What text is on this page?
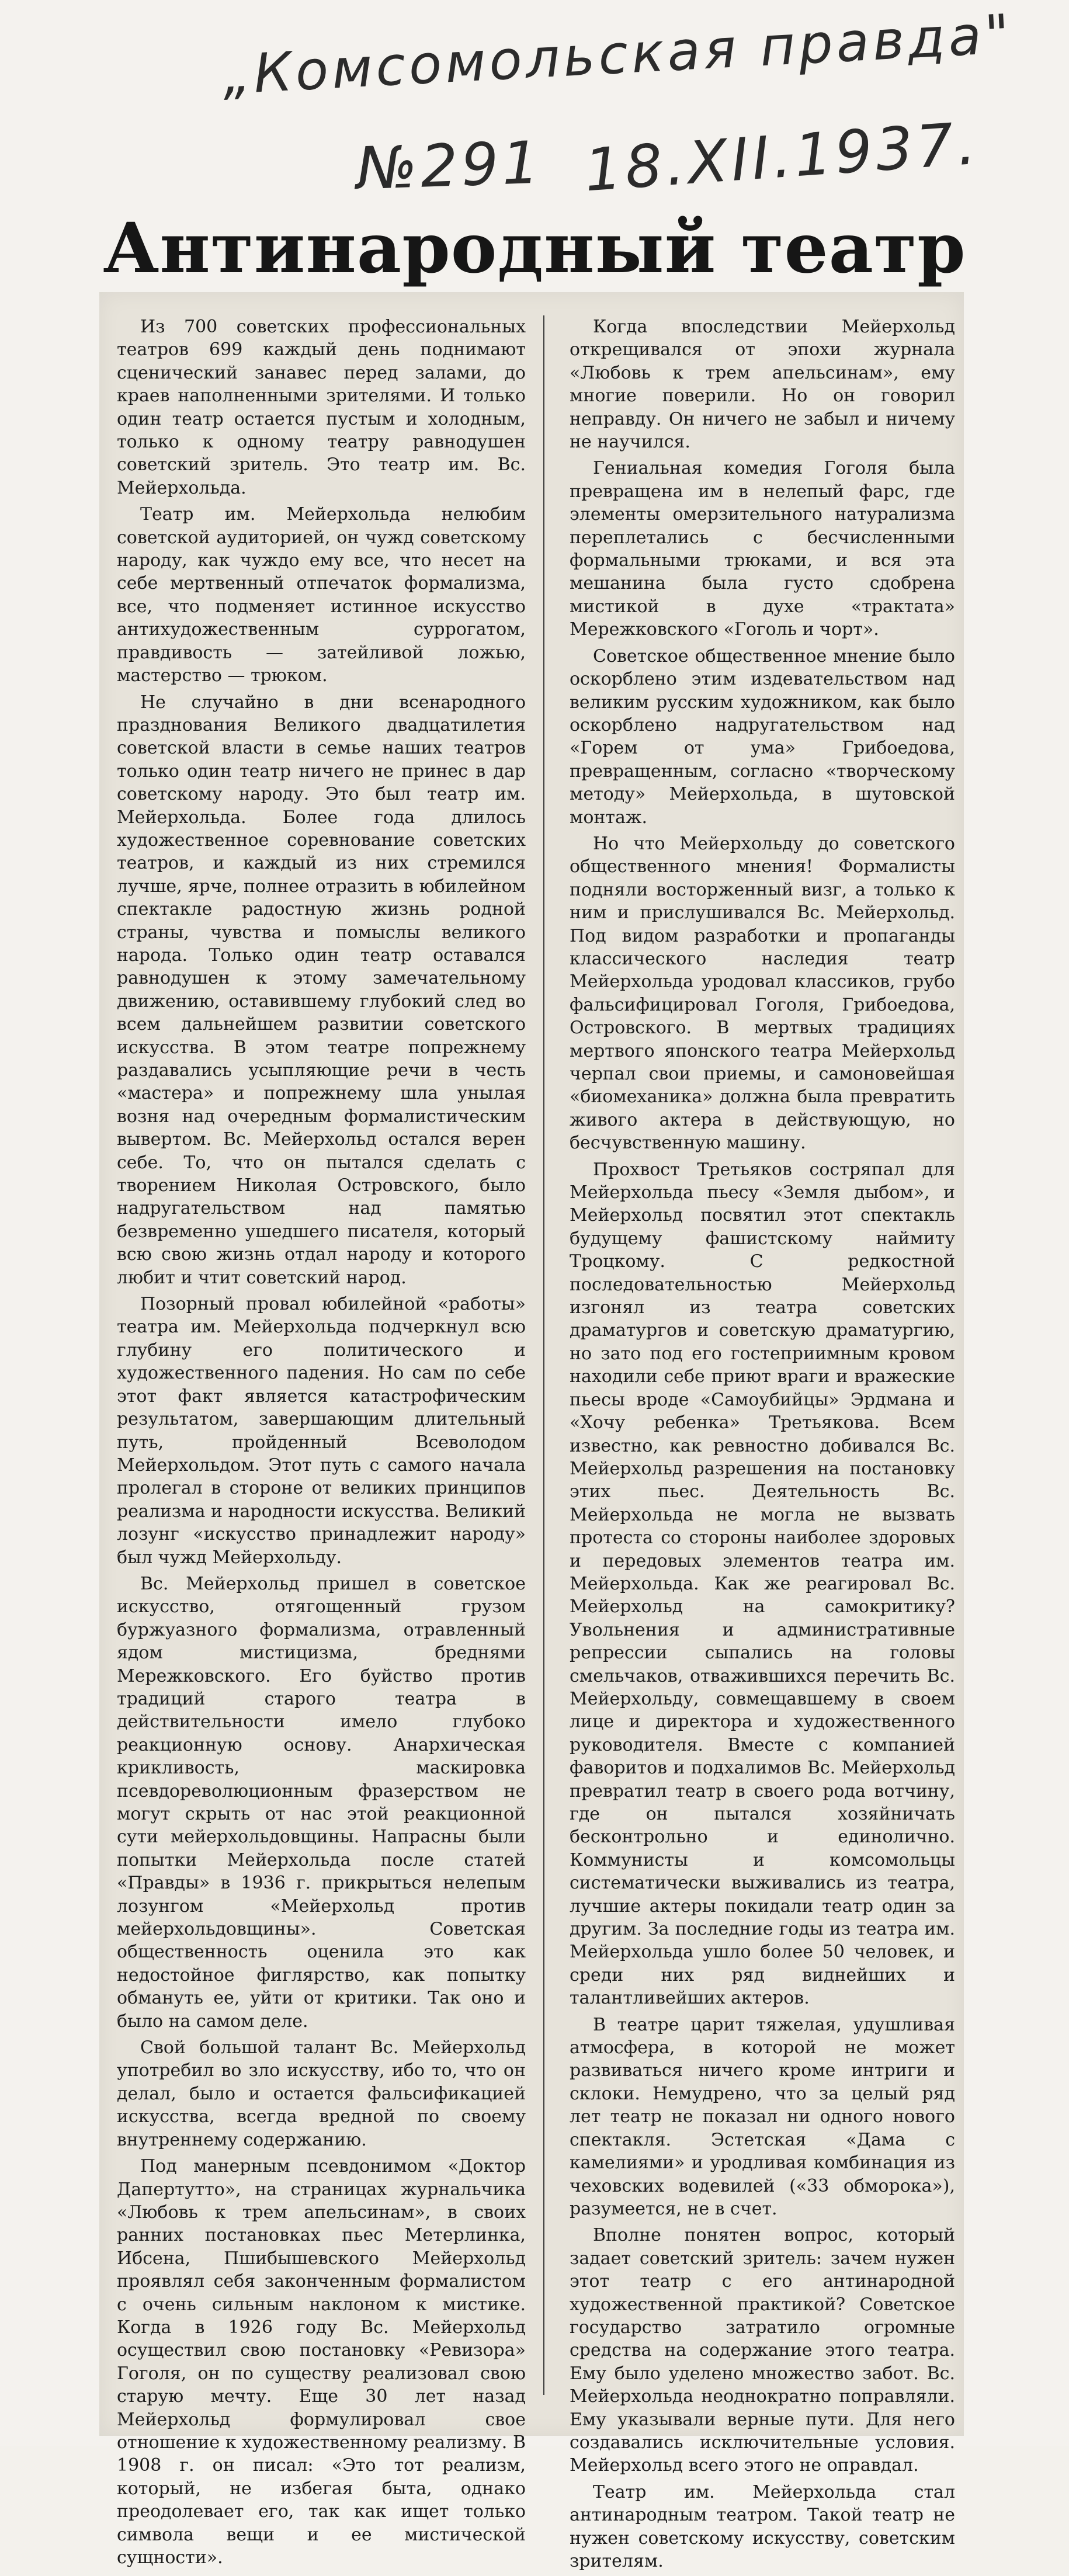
„Комсомольская правда"
№291 18.XII.1937.
Антинародный театр

Из 700 советских профессиональных театров 699 каждый день поднимают сценический занавес перед залами, до краев наполненными зрителями. И только один театр остается пустым и холодным, только к одному театру равнодушен советский зритель. Это театр им. Вс. Мейерхольда.

Театр им. Мейерхольда нелюбим советской аудиторией, он чужд советскому народу, как чуждо ему все, что несет на себе мертвенный отпечаток формализма, все, что подменяет истинное искусство антихудожественным суррогатом, правдивость — затейливой ложью, мастерство — трюком.

Не случайно в дни всенародного празднования Великого двадцатилетия советской власти в семье наших театров только один театр ничего не принес в дар советскому народу. Это был театр им. Мейерхольда. Более года длилось художественное соревнование советских театров, и каждый из них стремился лучше, ярче, полнее отразить в юбилейном спектакле радостную жизнь родной страны, чувства и помыслы великого народа. Только один театр оставался равнодушен к этому замечательному движению, оставившему глубокий след во всем дальнейшем развитии советского искусства. В этом театре попрежнему раздавались усыпляющие речи в честь «мастера» и попрежнему шла унылая возня над очередным формалистическим вывертом. Вс. Мейерхольд остался верен себе. То, что он пытался сделать с творением Николая Островского, было надругательством над памятью безвременно ушедшего писателя, который всю свою жизнь отдал народу и которого любит и чтит советский народ.

Позорный провал юбилейной «работы» театра им. Мейерхольда подчеркнул всю глубину его политического и художественного падения. Но сам по себе этот факт является катастрофическим результатом, завершающим длительный путь, пройденный Всеволодом Мейерхольдом. Этот путь с самого начала пролегал в стороне от великих принципов реализма и народности искусства. Великий лозунг «искусство принадлежит народу» был чужд Мейерхольду.

Вс. Мейерхольд пришел в советское искусство, отягощенный грузом буржуазного формализма, отравленный ядом мистицизма, бреднями Мережковского. Его буйство против традиций старого театра в действительности имело глубоко реакционную основу. Анархическая крикливость, маскировка псевдореволюционным фразерством не могут скрыть от нас этой реакционной сути мейерхольдовщины. Напрасны были попытки Мейерхольда после статей «Правды» в 1936 г. прикрыться нелепым лозунгом «Мейерхольд против мейерхольдовщины». Советская общественность оценила это как недостойное фиглярство, как попытку обмануть ее, уйти от критики. Так оно и было на самом деле.

Свой большой талант Вс. Мейерхольд употребил во зло искусству, ибо то, что он делал, было и остается фальсификацией искусства, всегда вредной по своему внутреннему содержанию.

Под манерным псевдонимом «Доктор Дапертутто», на страницах журнальчика «Любовь к трем апельсинам», в своих ранних постановках пьес Метерлинка, Ибсена, Пшибышевского Мейерхольд проявлял себя законченным формалистом с очень сильным наклоном к мистике. Когда в 1926 году Вс. Мейерхольд осуществил свою постановку «Ревизора» Гоголя, он по существу реализовал свою старую мечту. Еще 30 лет назад Мейерхольд формулировал свое отношение к художественному реализму. В 1908 г. он писал: «Это тот реализм, который, не избегая быта, однако преодолевает его, так как ищет только символа вещи и ее мистической сущности».

Когда впоследствии Мейерхольд открещивался от эпохи журнала «Любовь к трем апельсинам», ему многие поверили. Но он говорил неправду. Он ничего не забыл и ничему не научился.

Гениальная комедия Гоголя была превращена им в нелепый фарс, где элементы омерзительного натурализма переплетались с бесчисленными формальными трюками, и вся эта мешанина была густо сдобрена мистикой в духе «трактата» Мережковского «Гоголь и чорт».

Советское общественное мнение было оскорблено этим издевательством над великим русским художником, как было оскорблено надругательством над «Горем от ума» Грибоедова, превращенным, согласно «творческому методу» Мейерхольда, в шутовской монтаж.

Но что Мейерхольду до советского общественного мнения! Формалисты подняли восторженный визг, а только к ним и прислушивался Вс. Мейерхольд. Под видом разработки и пропаганды классического наследия театр Мейерхольда уродовал классиков, грубо фальсифицировал Гоголя, Грибоедова, Островского. В мертвых традициях мертвого японского театра Мейерхольд черпал свои приемы, и самоновейшая «биомеханика» должна была превратить живого актера в действующую, но бесчувственную машину.

Прохвост Третьяков состряпал для Мейерхольда пьесу «Земля дыбом», и Мейерхольд посвятил этот спектакль будущему фашистскому наймиту Троцкому. С редкостной последовательностью Мейерхольд изгонял из театра советских драматургов и советскую драматургию, но зато под его гостеприимным кровом находили себе приют враги и вражеские пьесы вроде «Самоубийцы» Эрдмана и «Хочу ребенка» Третьякова. Всем известно, как ревностно добивался Вс. Мейерхольд разрешения на постановку этих пьес. Деятельность Вс. Мейерхольда не могла не вызвать протеста со стороны наиболее здоровых и передовых элементов театра им. Мейерхольда. Как же реагировал Вс. Мейерхольд на самокритику? Увольнения и административные репрессии сыпались на головы смельчаков, отважившихся перечить Вс. Мейерхольду, совмещавшему в своем лице и директора и художественного руководителя. Вместе с компанией фаворитов и подхалимов Вс. Мейерхольд превратил театр в своего рода вотчину, где он пытался хозяйничать бесконтрольно и единолично. Коммунисты и комсомольцы систематически выживались из театра, лучшие актеры покидали театр один за другим. За последние годы из театра им. Мейерхольда ушло более 50 человек, и среди них ряд виднейших и талантливейших актеров.

В театре царит тяжелая, удушливая атмосфера, в которой не может развиваться ничего кроме интриги и склоки. Немудрено, что за целый ряд лет театр не показал ни одного нового спектакля. Эстетская «Дама с камелиями» и уродливая комбинация из чеховских водевилей («33 обморока»), разумеется, не в счет.

Вполне понятен вопрос, который задает советский зритель: зачем нужен этот театр с его антинародной художественной практикой? Советское государство затратило огромные средства на содержание этого театра. Ему было уделено множество забот. Вс. Мейерхольда неоднократно поправляли. Ему указывали верные пути. Для него создавались исключительные условия. Мейерхольд всего этого не оправдал.

Театр им. Мейерхольда стал антинародным театром. Такой театр не нужен советскому искусству, советским зрителям.
